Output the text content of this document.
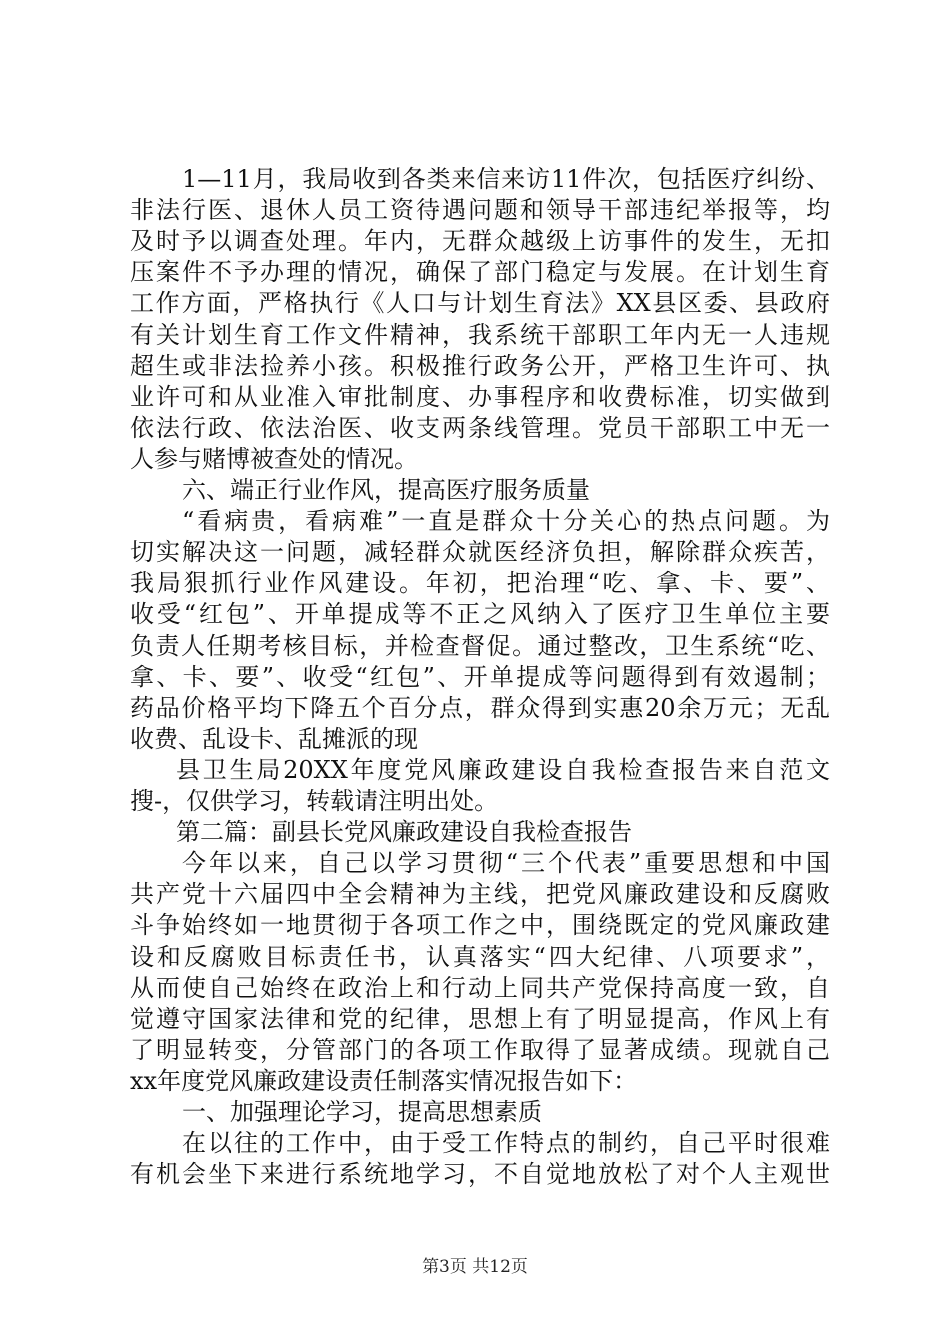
1—11月，我局收到各类来信来访11件次，包括医疗纠纷、
非法行医、退休人员工资待遇问题和领导干部违纪举报等，均
及时予以调查处理。年内，无群众越级上访事件的发生，无扣
压案件不予办理的情况，确保了部门稳定与发展。在计划生育
工作方面，严格执行《人口与计划生育法》XX县区委、县政府
有关计划生育工作文件精神，我系统干部职工年内无一人违规
超生或非法捡养小孩。积极推行政务公开，严格卫生许可、执
业许可和从业准入审批制度、办事程序和收费标准，切实做到
依法行政、依法治医、收支两条线管理。党员干部职工中无一
人参与赌博被查处的情况。
六、端正行业作风，提高医疗服务质量
“看病贵，看病难”一直是群众十分关心的热点问题。为
切实解决这一问题，减轻群众就医经济负担，解除群众疾苦，
我局狠抓行业作风建设。年初，把治理“吃、拿、卡、要”、
收受“红包”、开单提成等不正之风纳入了医疗卫生单位主要
负责人任期考核目标，并检查督促。通过整改，卫生系统“吃、
拿、卡、要”、收受“红包”、开单提成等问题得到有效遏制；
药品价格平均下降五个百分点，群众得到实惠20余万元；无乱
收费、乱设卡、乱摊派的现
县卫生局20XX年度党风廉政建设自我检查报告来自范文
搜-，仅供学习，转载请注明出处。
第二篇：副县长党风廉政建设自我检查报告
今年以来，自己以学习贯彻“三个代表”重要思想和中国
共产党十六届四中全会精神为主线，把党风廉政建设和反腐败
斗争始终如一地贯彻于各项工作之中，围绕既定的党风廉政建
设和反腐败目标责任书，认真落实“四大纪律、八项要求”，
从而使自己始终在政治上和行动上同共产党保持高度一致，自
觉遵守国家法律和党的纪律，思想上有了明显提高，作风上有
了明显转变，分管部门的各项工作取得了显著成绩。现就自己
xx年度党风廉政建设责任制落实情况报告如下：
第3页 共12页
一、加强理论学习，提高思想素质
在以往的工作中，由于受工作特点的制约，自己平时很难
有机会坐下来进行系统地学习，不自觉地放松了对个人主观世
